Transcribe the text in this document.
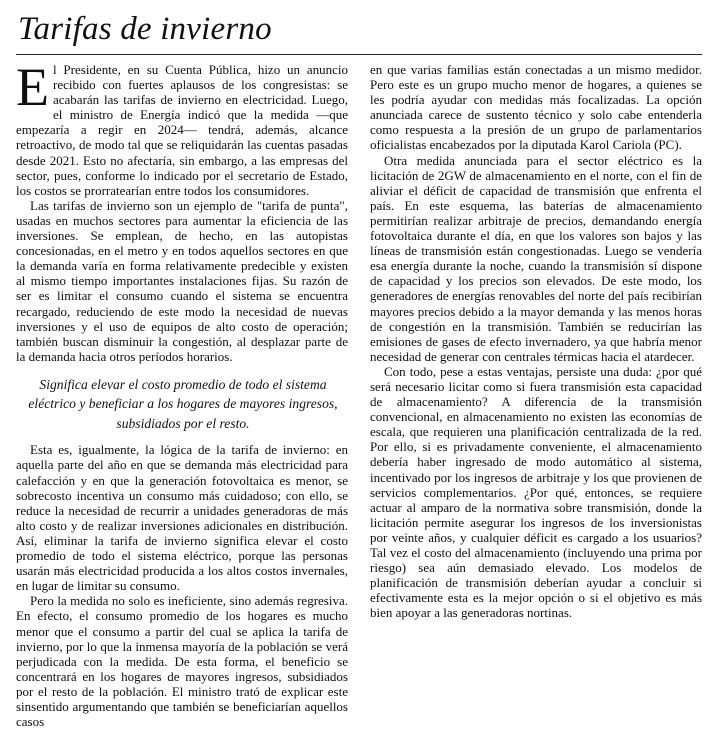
Tarifas de invierno

El Presidente, en su Cuenta Pública, hizo un anuncio recibido con fuertes aplausos de los congresistas: se acabarán las tarifas de invierno en electricidad. Luego, el ministro de Energía indicó que la medida —que empezaría a regir en 2024— tendrá, además, alcance retroactivo, de modo tal que se reliquidarán las cuentas pasadas desde 2021. Esto no afectaría, sin embargo, a las empresas del sector, pues, conforme lo indicado por el secretario de Estado, los costos se prorratearían entre todos los consumidores.

Las tarifas de invierno son un ejemplo de "tarifa de punta", usadas en muchos sectores para aumentar la eficiencia de las inversiones. Se emplean, de hecho, en las autopistas concesionadas, en el metro y en todos aquellos sectores en que la demanda varía en forma relativamente predecible y existen al mismo tiempo importantes instalaciones fijas. Su razón de ser es limitar el consumo cuando el sistema se encuentra recargado, reduciendo de este modo la necesidad de nuevas inversiones y el uso de equipos de alto costo de operación; también buscan disminuir la congestión, al desplazar parte de la demanda hacia otros períodos horarios.

Significa elevar el costo promedio de todo el sistema eléctrico y beneficiar a los hogares de mayores ingresos, subsidiados por el resto.

Esta es, igualmente, la lógica de la tarifa de invierno: en aquella parte del año en que se demanda más electricidad para calefacción y en que la generación fotovoltaica es menor, se sobrecosto incentiva un consumo más cuidadoso; con ello, se reduce la necesidad de recurrir a unidades generadoras de más alto costo y de realizar inversiones adicionales en distribución. Así, eliminar la tarifa de invierno significa elevar el costo promedio de todo el sistema eléctrico, porque las personas usarán más electricidad producida a los altos costos invernales, en lugar de limitar su consumo.

Pero la medida no solo es ineficiente, sino además regresiva. En efecto, el consumo promedio de los hogares es mucho menor que el consumo a partir del cual se aplica la tarifa de invierno, por lo que la inmensa mayoría de la población se verá perjudicada con la medida. De esta forma, el beneficio se concentrará en los hogares de mayores ingresos, subsidiados por el resto de la población. El ministro trató de explicar este sinsentido argumentando que también se beneficiarían aquellos casos

en que varias familias están conectadas a un mismo medidor. Pero este es un grupo mucho menor de hogares, a quienes se les podría ayudar con medidas más focalizadas. La opción anunciada carece de sustento técnico y solo cabe entenderla como respuesta a la presión de un grupo de parlamentarios oficialistas encabezados por la diputada Karol Cariola (PC).

Otra medida anunciada para el sector eléctrico es la licitación de 2GW de almacenamiento en el norte, con el fin de aliviar el déficit de capacidad de transmisión que enfrenta el país. En este esquema, las baterías de almacenamiento permitirían realizar arbitraje de precios, demandando energía fotovoltaica durante el día, en que los valores son bajos y las líneas de transmisión están congestionadas. Luego se vendería esa energía durante la noche, cuando la transmisión sí dispone de capacidad y los precios son elevados. De este modo, los generadores de energías renovables del norte del país recibirían mayores precios debido a la mayor demanda y las menos horas de congestión en la transmisión. También se reducirían las emisiones de gases de efecto invernadero, ya que habría menor necesidad de generar con centrales térmicas hacia el atardecer.

Con todo, pese a estas ventajas, persiste una duda: ¿por qué será necesario licitar como si fuera transmisión esta capacidad de almacenamiento? A diferencia de la transmisión convencional, en almacenamiento no existen las economías de escala, que requieren una planificación centralizada de la red. Por ello, si es privadamente conveniente, el almacenamiento debería haber ingresado de modo automático al sistema, incentivado por los ingresos de arbitraje y los que provienen de servicios complementarios. ¿Por qué, entonces, se requiere actuar al amparo de la normativa sobre transmisión, donde la licitación permite asegurar los ingresos de los inversionistas por veinte años, y cualquier déficit es cargado a los usuarios? Tal vez el costo del almacenamiento (incluyendo una prima por riesgo) sea aún demasiado elevado. Los modelos de planificación de transmisión deberían ayudar a concluir si efectivamente esta es la mejor opción o si el objetivo es más bien apoyar a las generadoras nortinas.
